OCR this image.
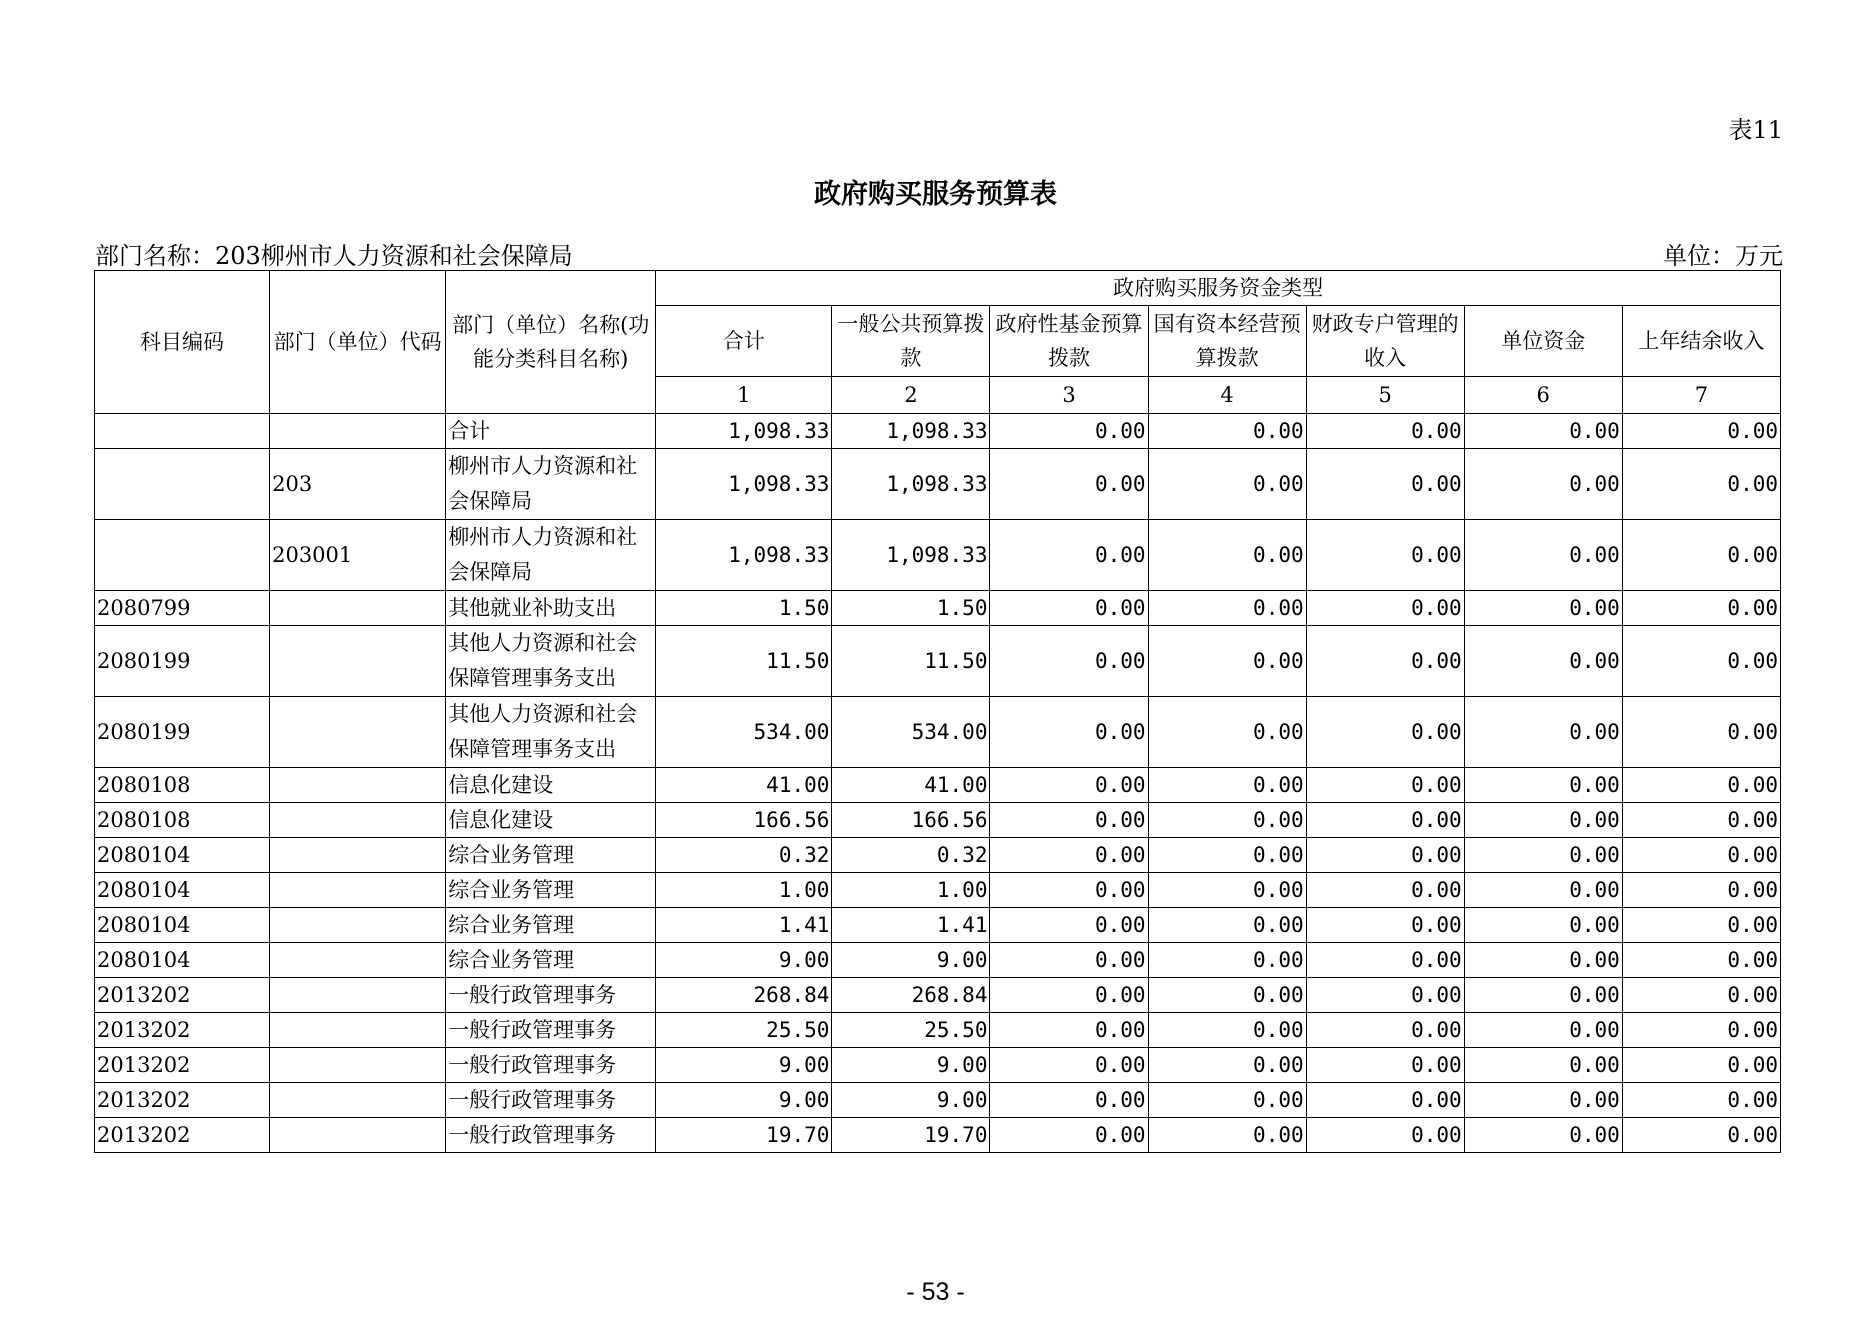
表11
政府购买服务预算表
部门名称：203柳州市人力资源和社会保障局	单位：万元
科目编码	部门（单位）代码	部门（单位）名称(功能分类科目名称)	政府购买服务资金类型						
			合计	一般公共预算拨款	政府性基金预算拨款	国有资本经营预算拨款	财政专户管理的收入	单位资金	上年结余收入
			1	2	3	4	5	6	7
		合计	1,098.33	1,098.33	0.00	0.00	0.00	0.00	0.00
	203	柳州市人力资源和社会保障局	1,098.33	1,098.33	0.00	0.00	0.00	0.00	0.00
	203001	柳州市人力资源和社会保障局	1,098.33	1,098.33	0.00	0.00	0.00	0.00	0.00
2080799		其他就业补助支出	1.50	1.50	0.00	0.00	0.00	0.00	0.00
2080199		其他人力资源和社会保障管理事务支出	11.50	11.50	0.00	0.00	0.00	0.00	0.00
2080199		其他人力资源和社会保障管理事务支出	534.00	534.00	0.00	0.00	0.00	0.00	0.00
2080108		信息化建设	41.00	41.00	0.00	0.00	0.00	0.00	0.00
2080108		信息化建设	166.56	166.56	0.00	0.00	0.00	0.00	0.00
2080104		综合业务管理	0.32	0.32	0.00	0.00	0.00	0.00	0.00
2080104		综合业务管理	1.00	1.00	0.00	0.00	0.00	0.00	0.00
2080104		综合业务管理	1.41	1.41	0.00	0.00	0.00	0.00	0.00
2080104		综合业务管理	9.00	9.00	0.00	0.00	0.00	0.00	0.00
2013202		一般行政管理事务	268.84	268.84	0.00	0.00	0.00	0.00	0.00
2013202		一般行政管理事务	25.50	25.50	0.00	0.00	0.00	0.00	0.00
2013202		一般行政管理事务	9.00	9.00	0.00	0.00	0.00	0.00	0.00
2013202		一般行政管理事务	9.00	9.00	0.00	0.00	0.00	0.00	0.00
2013202		一般行政管理事务	19.70	19.70	0.00	0.00	0.00	0.00	0.00
- 53 -
